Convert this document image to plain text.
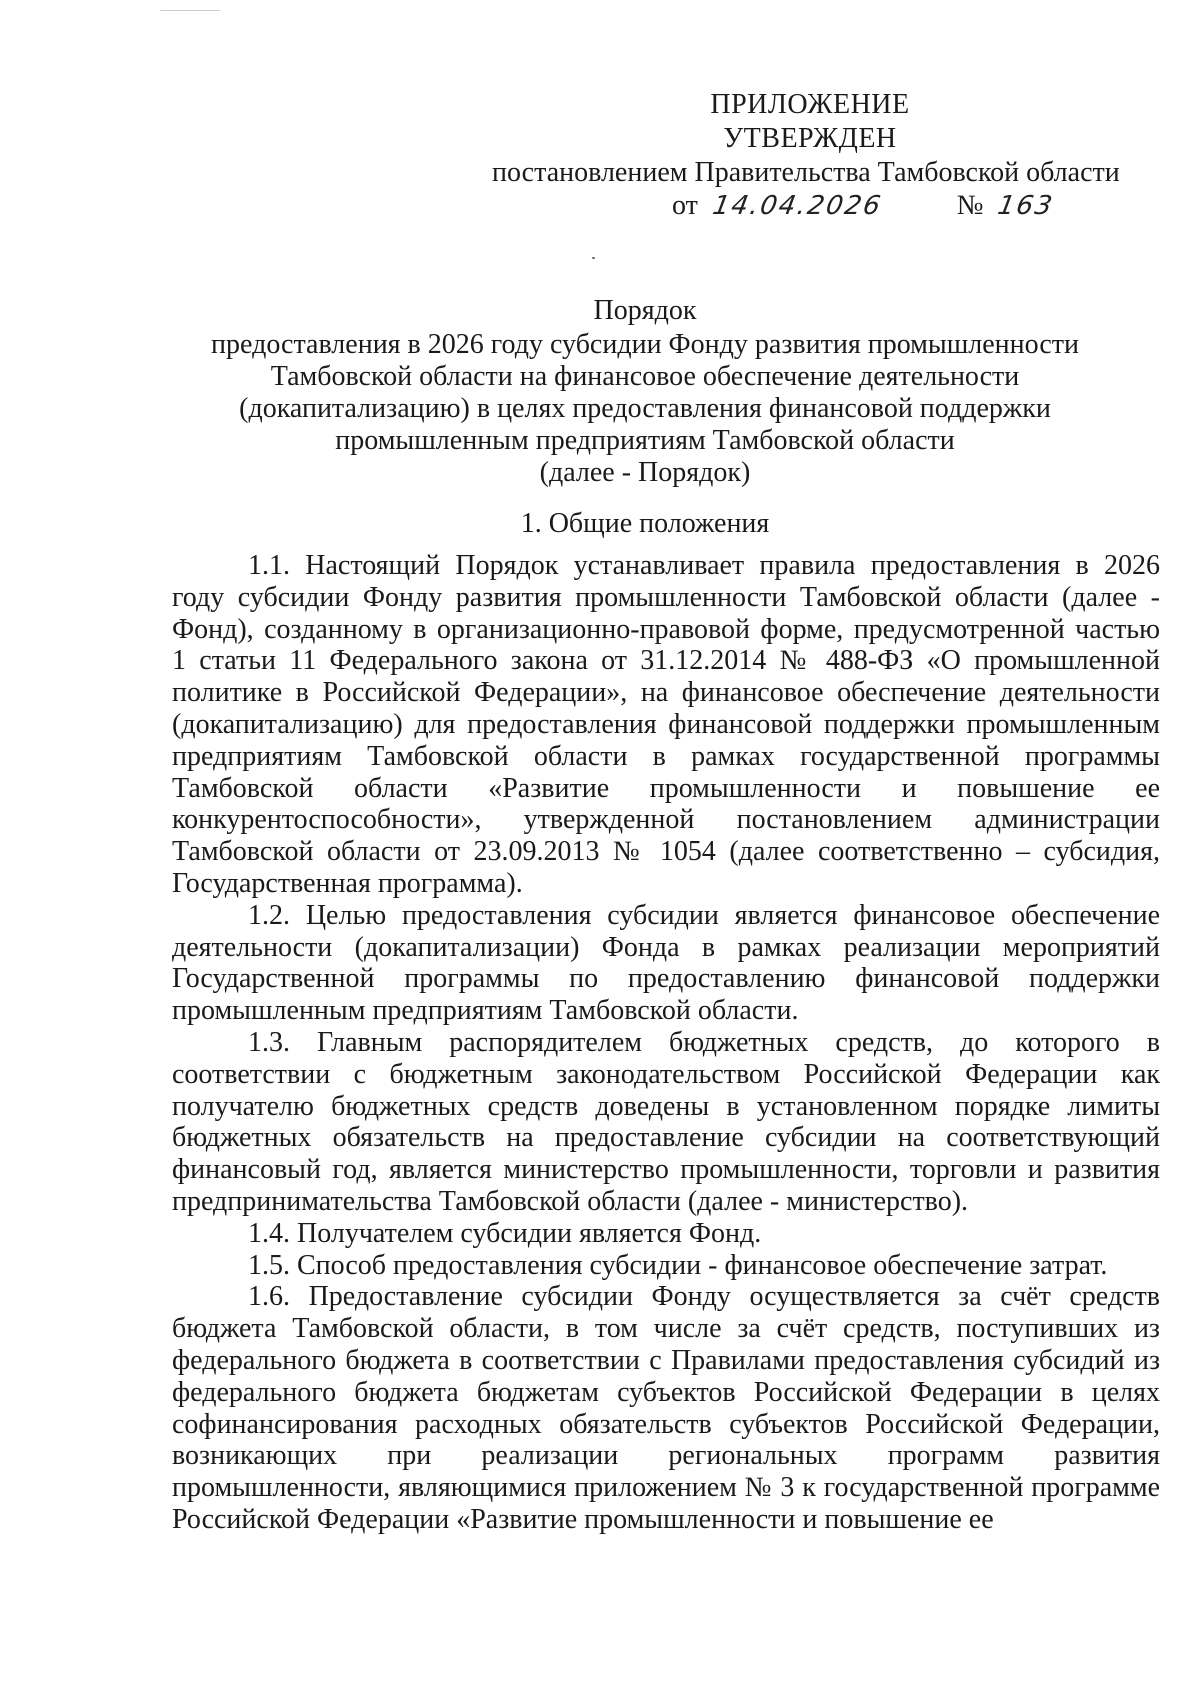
ПРИЛОЖЕНИЕ
УТВЕРЖДЕН
постановлением Правительства Тамбовской области
от 14.04.2026	№ 163
Порядок
предоставления в 2026 году субсидии Фонду развития промышленности
Тамбовской области на финансовое обеспечение деятельности
(докапитализацию) в целях предоставления финансовой поддержки
промышленным предприятиям Тамбовской области
(далее - Порядок)
1. Общие положения

1.1. Настоящий Порядок устанавливает правила предоставления в 2026 году субсидии Фонду развития промышленности Тамбовской области (далее - Фонд), созданному в организационно-правовой форме, предусмотренной частью 1 статьи 11 Федерального закона от 31.12.2014 № 488-ФЗ «О промышленной политике в Российской Федерации», на финансовое обеспечение деятельности (докапитализацию) для предоставления финансовой поддержки промышленным предприятиям Тамбовской области в рамках государственной программы Тамбовской области «Развитие промышленности и повышение ее конкурентоспособности», утвержденной постановлением администрации Тамбовской области от 23.09.2013 № 1054 (далее соответственно – субсидия, Государственная программа).

1.2. Целью предоставления субсидии является финансовое обеспечение деятельности (докапитализации) Фонда в рамках реализации мероприятий Государственной программы по предоставлению финансовой поддержки промышленным предприятиям Тамбовской области.

1.3. Главным распорядителем бюджетных средств, до которого в соответствии с бюджетным законодательством Российской Федерации как получателю бюджетных средств доведены в установленном порядке лимиты бюджетных обязательств на предоставление субсидии на соответствующий финансовый год, является министерство промышленности, торговли и развития предпринимательства Тамбовской области (далее - министерство).

1.4. Получателем субсидии является Фонд.

1.5. Способ предоставления субсидии - финансовое обеспечение затрат.

1.6. Предоставление субсидии Фонду осуществляется за счёт средств бюджета Тамбовской области, в том числе за счёт средств, поступивших из федерального бюджета в соответствии с Правилами предоставления субсидий из федерального бюджета бюджетам субъектов Российской Федерации в целях софинансирования расходных обязательств субъектов Российской Федерации, возникающих при реализации региональных программ развития промышленности, являющимися приложением № 3 к государственной программе Российской Федерации «Развитие промышленности и повышение ее
